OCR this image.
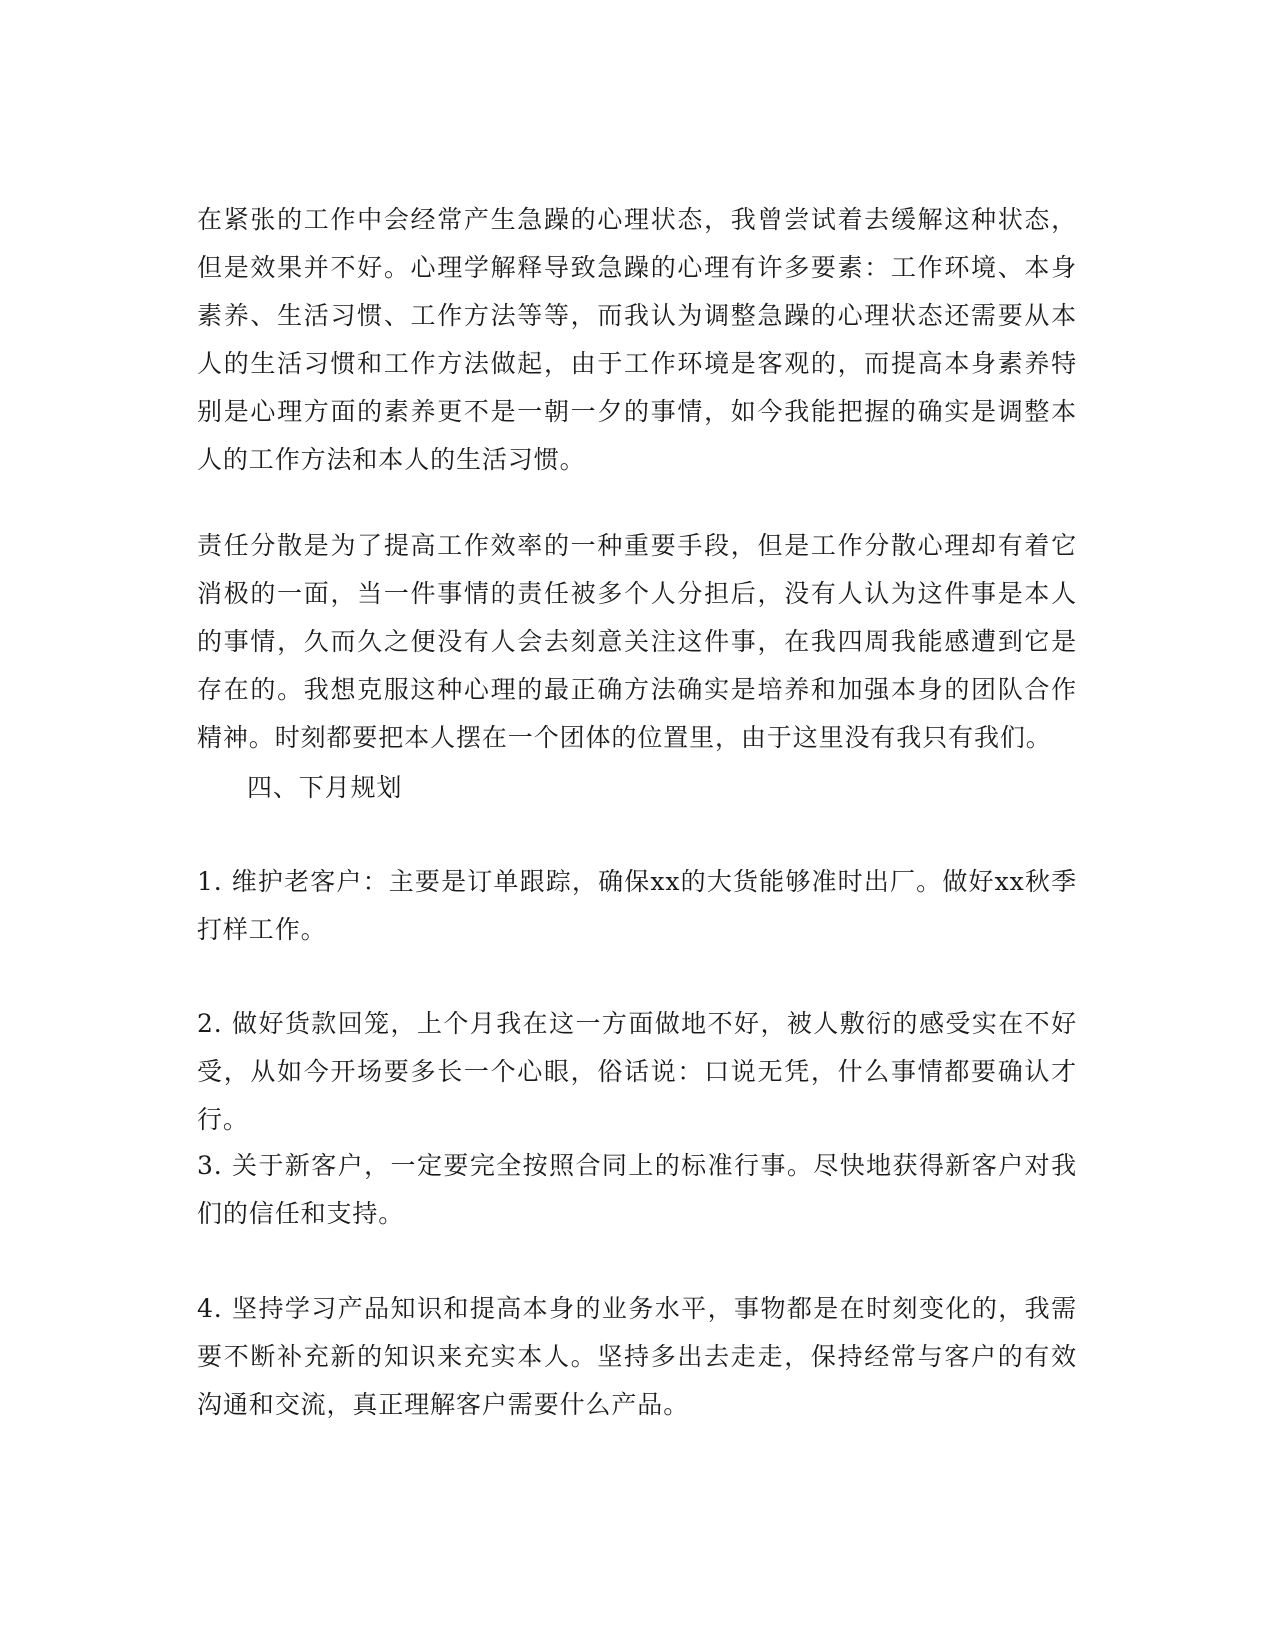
在紧张的工作中会经常产生急躁的心理状态，我曾尝试着去缓解这种状态，但是效果并不好。心理学解释导致急躁的心理有许多要素：工作环境、本身素养、生活习惯、工作方法等等，而我认为调整急躁的心理状态还需要从本人的生活习惯和工作方法做起，由于工作环境是客观的，而提高本身素养特别是心理方面的素养更不是一朝一夕的事情，如今我能把握的确实是调整本人的工作方法和本人的生活习惯。

责任分散是为了提高工作效率的一种重要手段，但是工作分散心理却有着它消极的一面，当一件事情的责任被多个人分担后，没有人认为这件事是本人的事情，久而久之便没有人会去刻意关注这件事，在我四周我能感遭到它是存在的。我想克服这种心理的最正确方法确实是培养和加强本身的团队合作精神。时刻都要把本人摆在一个团体的位置里，由于这里没有我只有我们。

四、下月规划

1. 维护老客户：主要是订单跟踪，确保xx的大货能够准时出厂。做好xx秋季打样工作。

2. 做好货款回笼，上个月我在这一方面做地不好，被人敷衍的感受实在不好受，从如今开场要多长一个心眼，俗话说：口说无凭，什么事情都要确认才行。

3. 关于新客户，一定要完全按照合同上的标准行事。尽快地获得新客户对我们的信任和支持。

4. 坚持学习产品知识和提高本身的业务水平，事物都是在时刻变化的，我需要不断补充新的知识来充实本人。坚持多出去走走，保持经常与客户的有效沟通和交流，真正理解客户需要什么产品。
